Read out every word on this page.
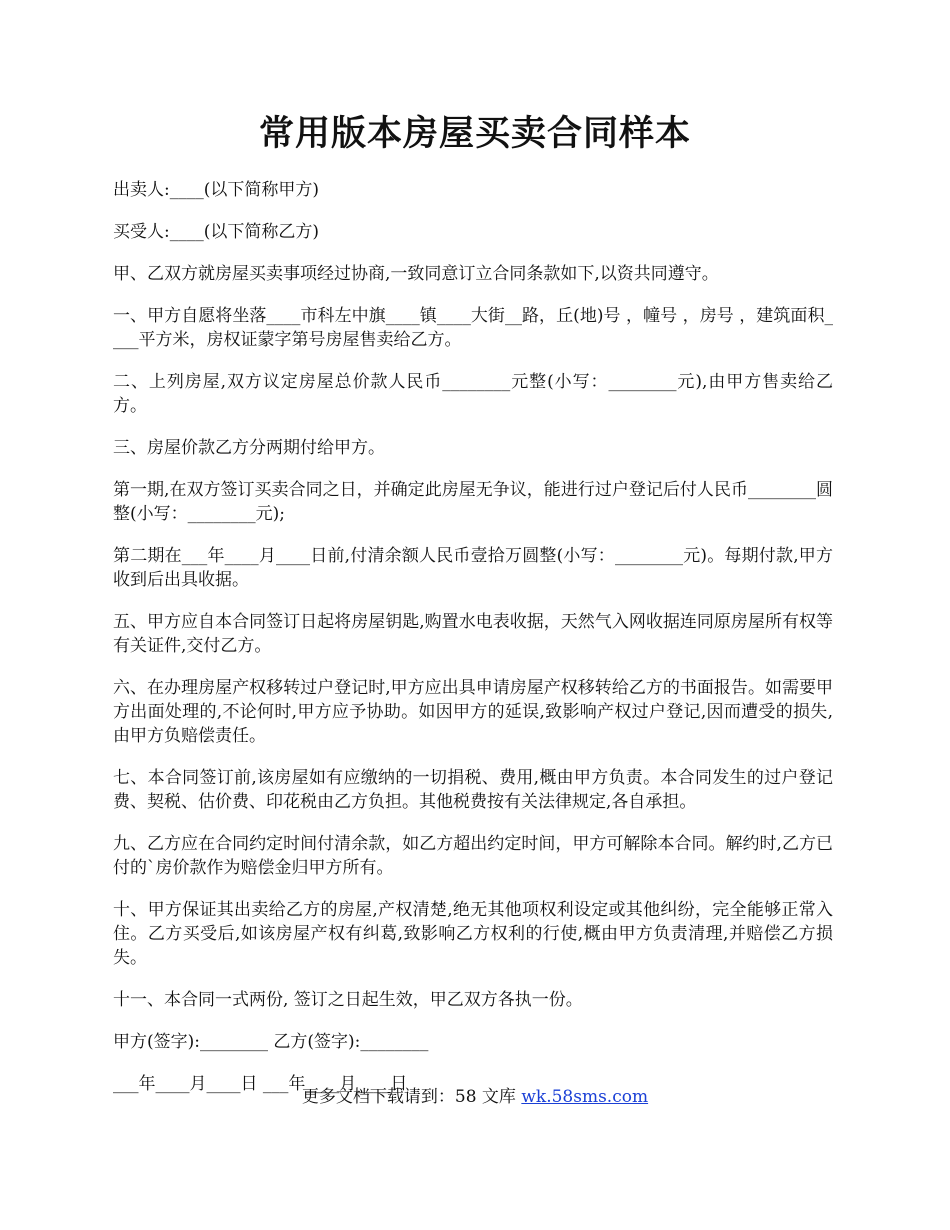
常用版本房屋买卖合同样本

出卖人:____(以下简称甲方)

买受人:____(以下简称乙方)

甲、乙双方就房屋买卖事项经过协商,一致同意订立合同条款如下,以资共同遵守。

一、甲方自愿将坐落____市科左中旗____镇____大街__路，丘(地)号 ，幢号 ，房号 ，建筑面积____平方米，房权证蒙字第号房屋售卖给乙方。

二、上列房屋,双方议定房屋总价款人民币________元整(小写：________元),由甲方售卖给乙方。

三、房屋价款乙方分两期付给甲方。

第一期,在双方签订买卖合同之日，并确定此房屋无争议，能进行过户登记后付人民币________圆整(小写：________元);

第二期在___年____月____日前,付清余额人民币壹拾万圆整(小写：________元)。每期付款,甲方收到后出具收据。

五、甲方应自本合同签订日起将房屋钥匙,购置水电表收据，天然气入网收据连同原房屋所有权等有关证件,交付乙方。

六、在办理房屋产权移转过户登记时,甲方应出具申请房屋产权移转给乙方的书面报告。如需要甲方出面处理的,不论何时,甲方应予协助。如因甲方的延误,致影响产权过户登记,因而遭受的损失,由甲方负赔偿责任。

七、本合同签订前,该房屋如有应缴纳的一切捐税、费用,概由甲方负责。本合同发生的过户登记费、契税、估价费、印花税由乙方负担。其他税费按有关法律规定,各自承担。

九、乙方应在合同约定时间付清余款，如乙方超出约定时间，甲方可解除本合同。解约时,乙方已付的`房价款作为赔偿金归甲方所有。

十、甲方保证其出卖给乙方的房屋,产权清楚,绝无其他项权利设定或其他纠纷，完全能够正常入住。乙方买受后,如该房屋产权有纠葛,致影响乙方权利的行使,概由甲方负责清理,并赔偿乙方损失。

十一、本合同一式两份, 签订之日起生效，甲乙双方各执一份。

甲方(签字):________ 乙方(签字):________

___年____月____日 ___年____月____日

更多文档下载请到：58 文库 wk.58sms.com
